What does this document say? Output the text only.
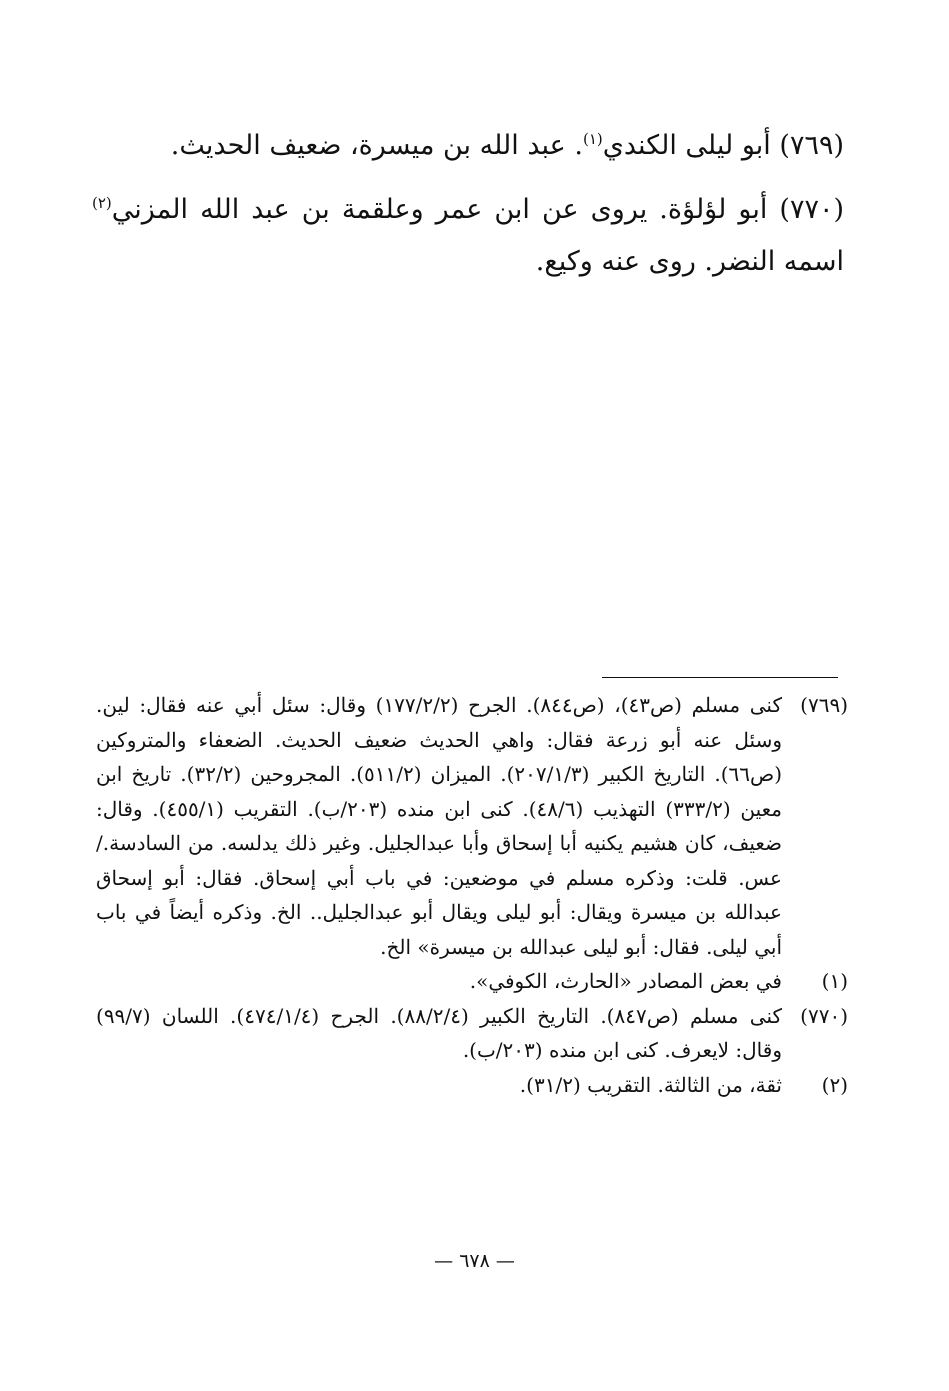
(٧٦٩) أبو ليلى الكندي$^{(١)}$. عبد الله بن ميسرة، ضعيف الحديث.

(٧٧٠) أبو لؤلؤة. يروى عن ابن عمر وعلقمة بن عبد الله المزني$^{(٢)}$ اسمه النضر. روى عنه وكيع.

(٧٦٩)
كنى مسلم (ص٤٣)، (ص٨٤٤). الجرح (١٧٧/٢/٢) وقال: سئل أبي عنه فقال: لين. وسئل عنه أبو زرعة فقال: واهي الحديث ضعيف الحديث. الضعفاء والمتروكين (ص٦٦). التاريخ الكبير (٢٠٧/١/٣). الميزان (٥١١/٢). المجروحين (٣٢/٢). تاريخ ابن معين (٣٣٣/٢) التهذيب (٤٨/٦). كنى ابن منده (٢٠٣/ب). التقريب (٤٥٥/١). وقال: ضعيف، كان هشيم يكنيه أبا إسحاق وأبا عبدالجليل. وغير ذلك يدلسه. من السادسة./عس. قلت: وذكره مسلم في موضعين: في باب أبي إسحاق. فقال: أبو إسحاق عبدالله بن ميسرة ويقال: أبو ليلى ويقال أبو عبدالجليل.. الخ. وذكره أيضاً في باب أبي ليلى. فقال: أبو ليلى عبدالله بن ميسرة» الخ.
(١)
في بعض المصادر «الحارث، الكوفي».
(٧٧٠)
كنى مسلم (ص٨٤٧). التاريخ الكبير (٨٨/٢/٤). الجرح (٤٧٤/١/٤). اللسان (٩٩/٧) وقال: لايعرف. كنى ابن منده (٢٠٣/ب).
(٢)
ثقة، من الثالثة. التقريب (٣١/٢).
— ٦٧٨ —
